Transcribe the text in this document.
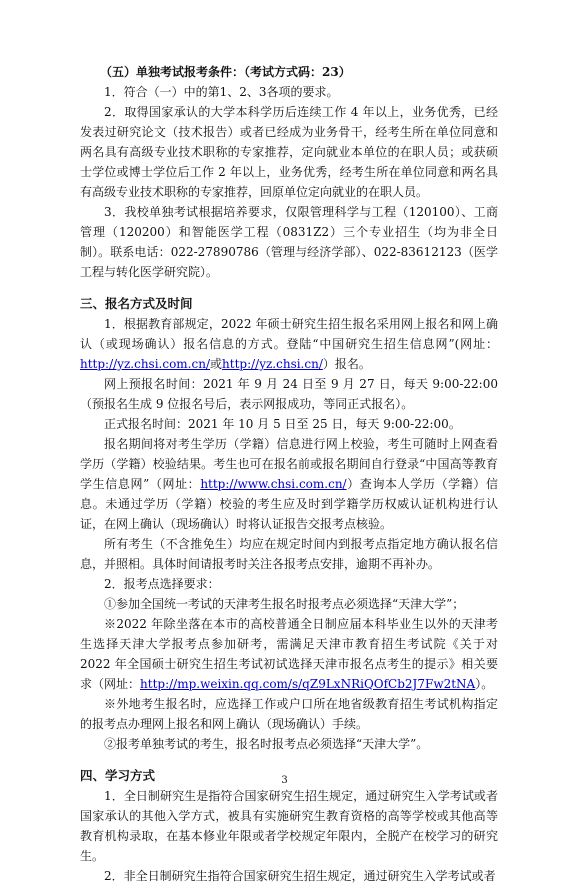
（五）单独考试报考条件：（考试方式码：23）

1．符合（一）中的第1、2、3各项的要求。

2．取得国家承认的大学本科学历后连续工作 4 年以上，业务优秀，已经发表过研究论文（技术报告）或者已经成为业务骨干，经考生所在单位同意和两名具有高级专业技术职称的专家推荐，定向就业本单位的在职人员；或获硕士学位或博士学位后工作 2 年以上，业务优秀，经考生所在单位同意和两名具有高级专业技术职称的专家推荐，回原单位定向就业的在职人员。

3．我校单独考试根据培养要求，仅限管理科学与工程（120100）、工商管理（120200）和智能医学工程（0831Z2）三个专业招生（均为非全日制）。联系电话：022-27890786（管理与经济学部）、022-83612123（医学工程与转化医学研究院）。

三、报名方式及时间

1．根据教育部规定，2022 年硕士研究生招生报名采用网上报名和网上确认（或现场确认）报名信息的方式。登陆“中国研究生招生信息网”(网址：http://yz.chsi.com.cn/或http://yz.chsi.cn/）报名。

网上预报名时间：2021 年 9 月 24 日至 9 月 27 日，每天 9:00-22:00（预报名生成 9 位报名号后，表示网报成功，等同正式报名）。

正式报名时间：2021 年 10 月 5 日至 25 日，每天 9:00-22:00。

报名期间将对考生学历（学籍）信息进行网上校验，考生可随时上网查看学历（学籍）校验结果。考生也可在报名前或报名期间自行登录“中国高等教育学生信息网”（网址：http://www.chsi.com.cn/）查询本人学历（学籍）信息。未通过学历（学籍）校验的考生应及时到学籍学历权威认证机构进行认证，在网上确认（现场确认）时将认证报告交报考点核验。

所有考生（不含推免生）均应在规定时间内到报考点指定地方确认报名信息，并照相。具体时间请报考时关注各报考点安排，逾期不再补办。

2．报考点选择要求：

①参加全国统一考试的天津考生报名时报考点必须选择“天津大学”；

※2022 年除坐落在本市的高校普通全日制应届本科毕业生以外的天津考生选择天津大学报考点参加研考，需满足天津市教育招生考试院《关于对 2022 年全国硕士研究生招生考试初试选择天津市报名点考生的提示》相关要求（网址：http://mp.weixin.qq.com/s/qZ9LxNRiQOfCb2J7Fw2tNA）。

※外地考生报名时，应选择工作或户口所在地省级教育招生考试机构指定的报考点办理网上报名和网上确认（现场确认）手续。

②报考单独考试的考生，报名时报考点必须选择“天津大学”。

四、学习方式

1．全日制研究生是指符合国家研究生招生规定，通过研究生入学考试或者国家承认的其他入学方式，被具有实施研究生教育资格的高等学校或其他高等教育机构录取，在基本修业年限或者学校规定年限内，全脱产在校学习的研究生。

2．非全日制研究生指符合国家研究生招生规定，通过研究生入学考试或者

3
